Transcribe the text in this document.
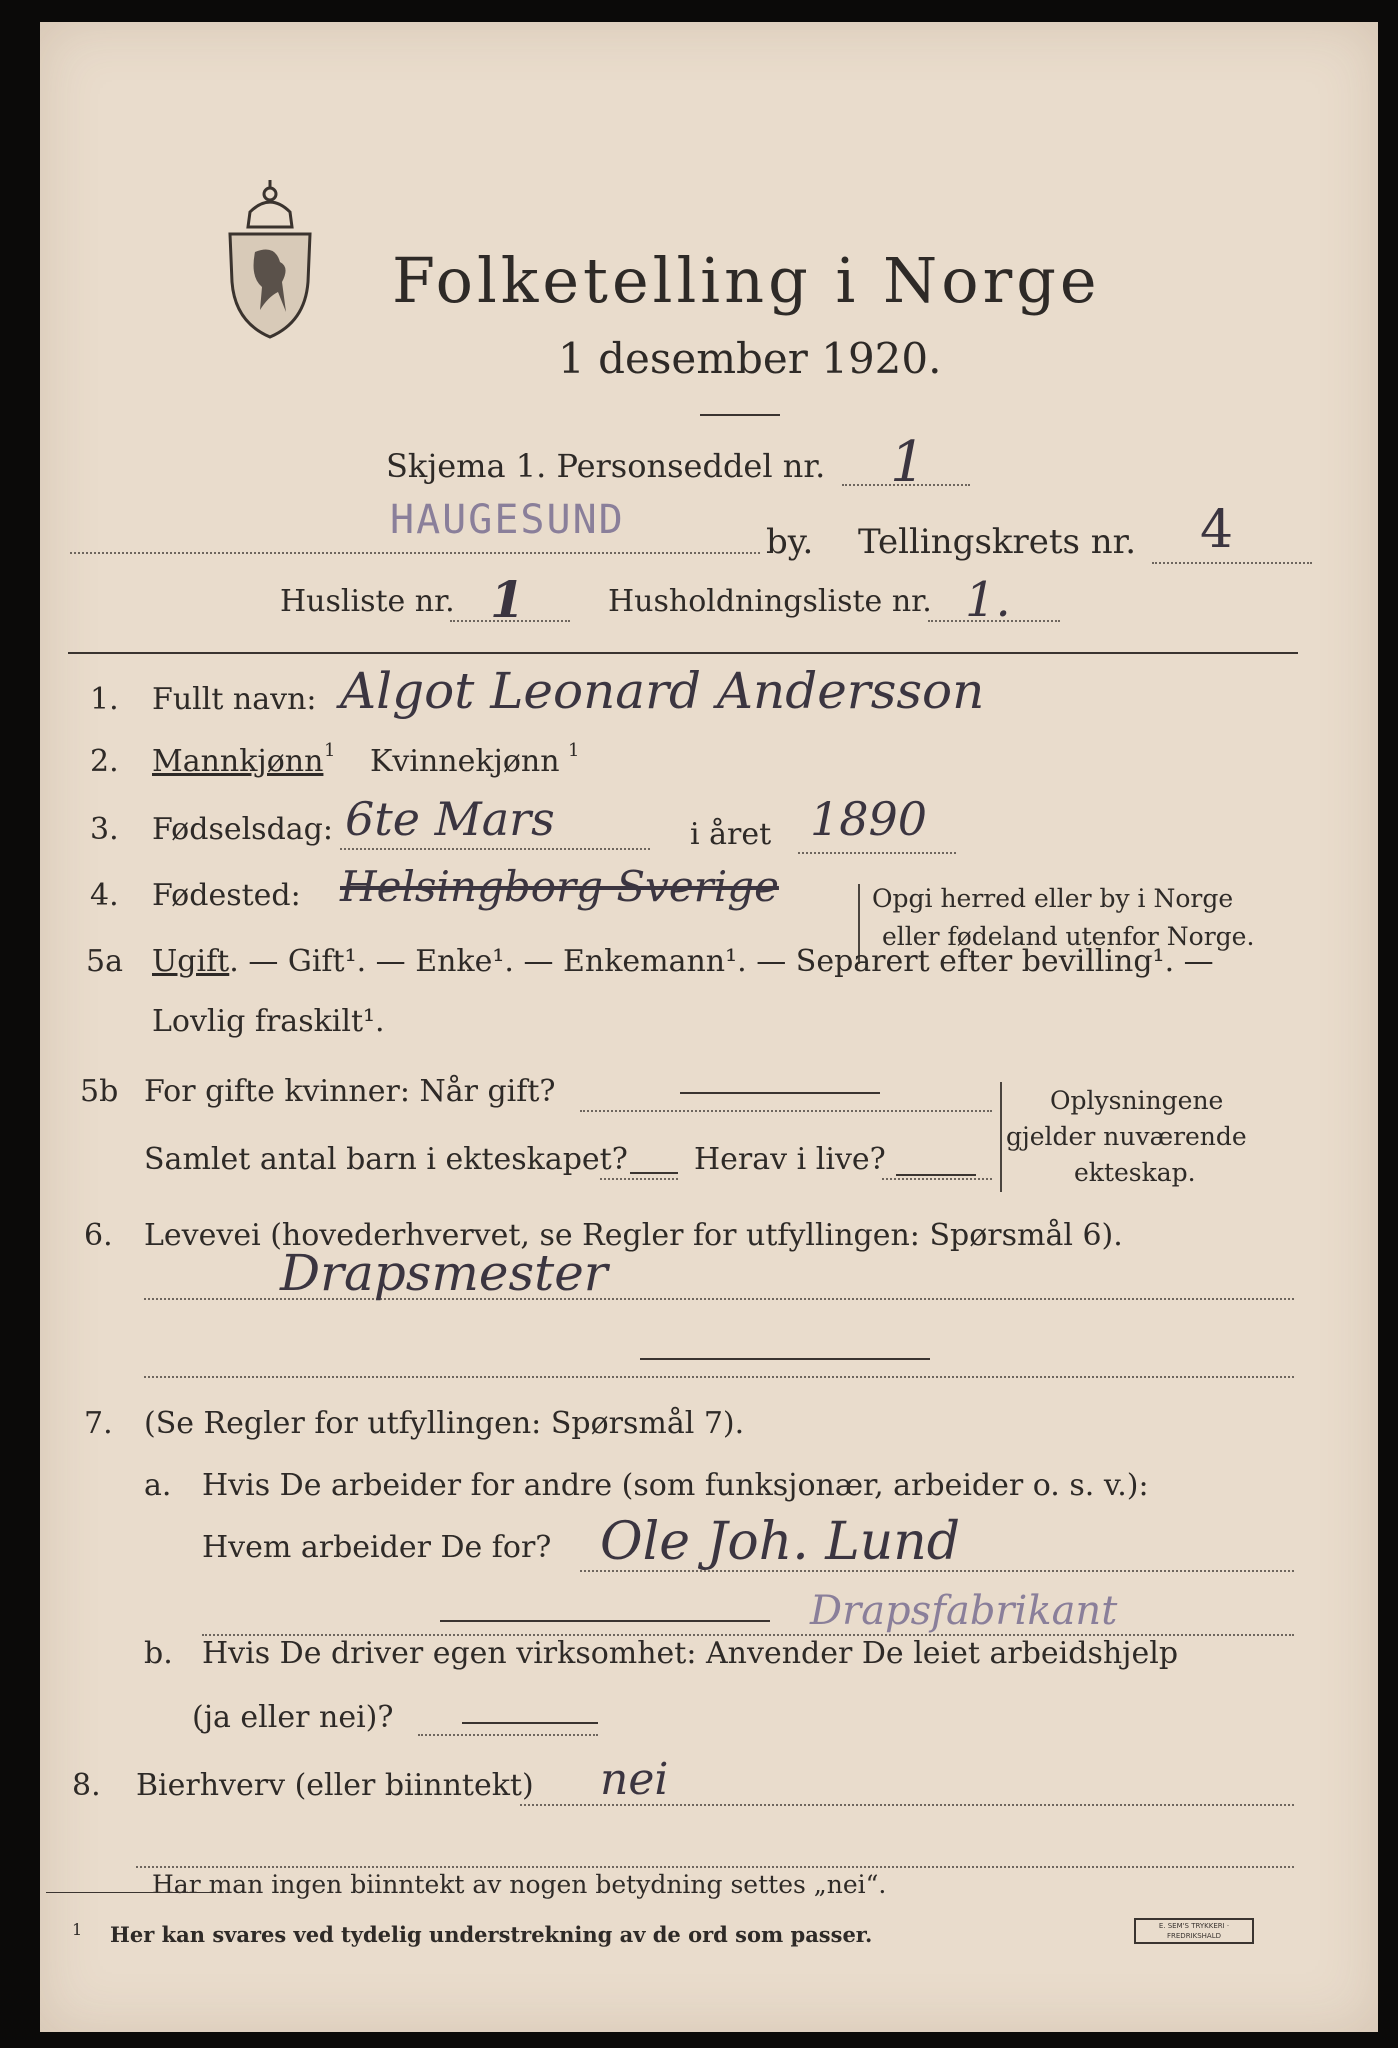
Folketelling i Norge
1 desember 1920.
Skjema 1. Personseddel nr. 1
HAUGESUND	by. Tellingskrets nr. 4
Husliste nr. 1	Husholdningsliste nr. 1.
1. Fullt navn: Algot Leonard Andersson
2. Mannkjønn 1 Kvinnekjønn 1
3. Fødselsdag: 6te Mars	i året 1890
4. Fødested: Helsingborg Sverige	Opgi herred eller by i Norge
eller fødeland utenfor Norge.
5a Ugift. — Gift¹. — Enke¹. — Enkemann¹. — Separert efter bevilling¹. —
Lovlig fraskilt¹.
5b For gifte kvinner: Når gift?
Samlet antal barn i ekteskapet? Herav i live?
Oplysningene
gjelder nuværende
ekteskap.
6. Levevei (hovederhvervet, se Regler for utfyllingen: Spørsmål 6).
Drapsmester
7. (Se Regler for utfyllingen: Spørsmål 7).
a. Hvis De arbeider for andre (som funksjonær, arbeider o. s. v.):
Hvem arbeider De for? Ole Joh. Lund
Drapsfabrikant
b. Hvis De driver egen virksomhet: Anvender De leiet arbeidshjelp
(ja eller nei)?
8. Bierhverv (eller biinntekt) nei
Har man ingen biinntekt av nogen betydning settes „nei“.
1 Her kan svares ved tydelig understrekning av de ord som passer.	E. SEM'S TRYKKERI · FREDRIKSHALD
